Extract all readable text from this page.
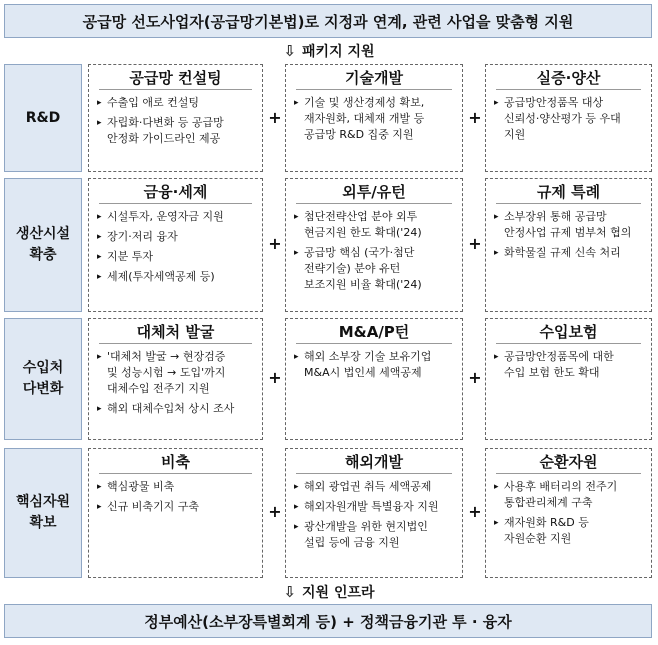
공급망 선도사업자(공급망기본법)로 지정과 연계, 관련 사업을 맞춤형 지원
⇩ 패키지 지원
R&D
공급망 컨설팅
▸ 수출입 애로 컨설팅
▸ 자립화·다변화 등 공급망
안정화 가이드라인 제공
+
기술개발
▸ 기술 및 생산경제성 확보,
재자원화, 대체재 개발 등
공급망 R&D 집중 지원
+
실증·양산
▸ 공급망안정품목 대상
신뢰성·양산평가 등 우대
지원
생산시설
확충
금융·세제
▸ 시설투자, 운영자금 지원
▸ 장기·저리 융자
▸ 지분 투자
▸ 세제(투자세액공제 등)
+
외투/유턴
▸ 첨단전략산업 분야 외투
현금지원 한도 확대('24)
▸ 공급망 핵심 (국가·첨단
전략기술) 분야 유턴
보조지원 비율 확대('24)
+
규제 특례
▸ 소부장위 통해 공급망
안정사업 규제 범부처 협의
▸ 화학물질 규제 신속 처리
수입처
다변화
대체처 발굴
▸ '대체처 발굴 → 현장검증
및 성능시험 → 도입'까지
대체수입 전주기 지원
▸ 해외 대체수입처 상시 조사
+
M&A/P턴
▸ 해외 소부장 기술 보유기업
M&A시 법인세 세액공제	+
수입보험
▸ 공급망안정품목에 대한
수입 보험 한도 확대
핵심자원
확보
비축
▸ 핵심광물 비축
▸ 신규 비축기지 구축	+
해외개발
▸ 해외 광업권 취득 세액공제
▸ 해외자원개발 특별융자 지원
▸ 광산개발을 위한 현지법인
설립 등에 금융 지원
+
순환자원
▸ 사용후 배터리의 전주기
통합관리체계 구축
▸ 재자원화 R&D 등
자원순환 지원
⇩ 지원 인프라
정부예산(소부장특별회계 등) + 정책금융기관 투 · 융자
